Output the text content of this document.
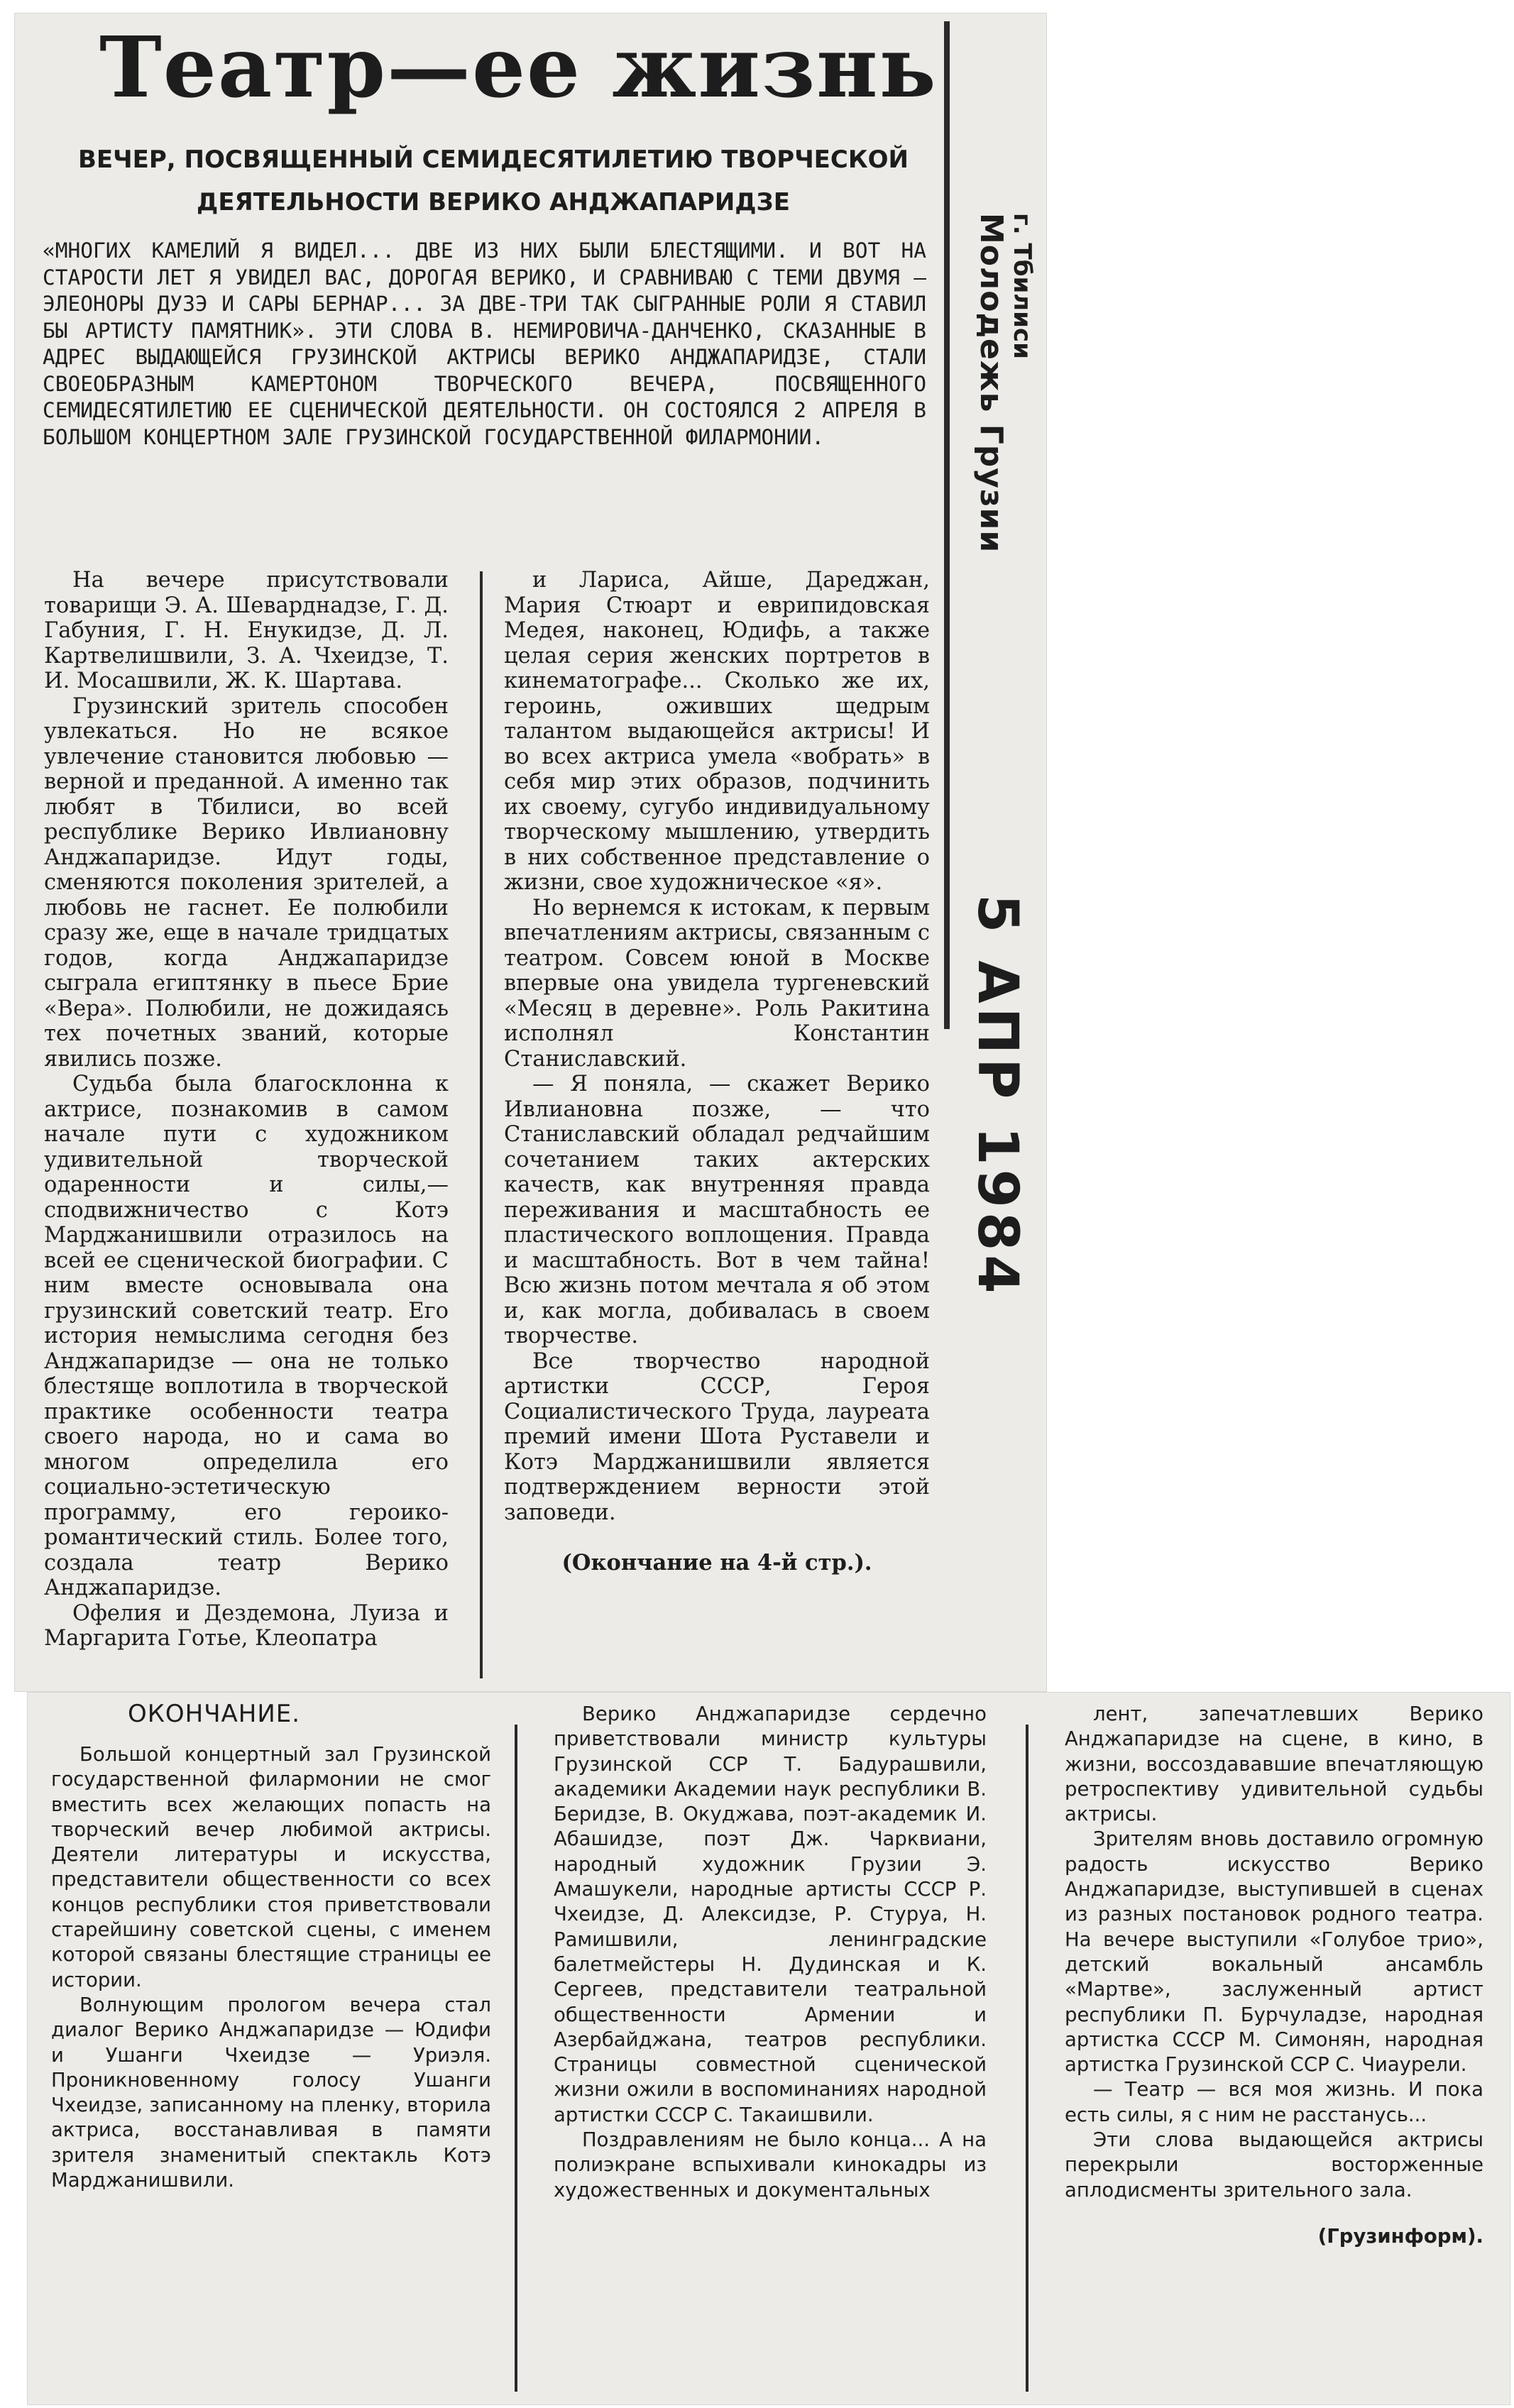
Театр—ее жизнь
ВЕЧЕР, ПОСВЯЩЕННЫЙ СЕМИДЕСЯТИЛЕТИЮ ТВОРЧЕСКОЙ ДЕЯТЕЛЬНОСТИ ВЕРИКО АНДЖАПАРИДЗЕ

«МНОГИХ КАМЕЛИЙ Я ВИДЕЛ... ДВЕ ИЗ НИХ БЫЛИ БЛЕСТЯЩИМИ. И ВОТ НА СТАРОСТИ ЛЕТ Я УВИДЕЛ ВАС, ДОРОГАЯ ВЕРИКО, И СРАВНИВАЮ С ТЕМИ ДВУМЯ — ЭЛЕОНОРЫ ДУЗЭ И САРЫ БЕРНАР... ЗА ДВЕ-ТРИ ТАК СЫГРАННЫЕ РОЛИ Я СТАВИЛ БЫ АРТИСТУ ПАМЯТНИК». ЭТИ СЛОВА В. НЕМИРОВИЧА-ДАНЧЕНКО, СКАЗАННЫЕ В АДРЕС ВЫДАЮЩЕЙСЯ ГРУЗИНСКОЙ АКТРИСЫ ВЕРИКО АНДЖАПАРИДЗЕ, СТАЛИ СВОЕОБРАЗНЫМ КАМЕРТОНОМ ТВОРЧЕСКОГО ВЕЧЕРА, ПОСВЯЩЕННОГО СЕМИДЕСЯТИЛЕТИЮ ЕЕ СЦЕНИЧЕСКОЙ ДЕЯТЕЛЬНОСТИ. ОН СОСТОЯЛСЯ 2 АПРЕЛЯ В БОЛЬШОМ КОНЦЕРТНОМ ЗАЛЕ ГРУЗИНСКОЙ ГОСУДАРСТВЕННОЙ ФИЛАРМОНИИ.

г. Тбилиси
Молодежь Грузии
5 АПР 1984

На вечере присутствовали товарищи Э. А. Шеварднадзе, Г. Д. Габуния, Г. Н. Енукидзе, Д. Л. Картвелишвили, З. А. Чхеидзе, Т. И. Мосашвили, Ж. К. Шартава.

Грузинский зритель способен увлекаться. Но не всякое увлечение становится любовью — верной и преданной. А именно так любят в Тбилиси, во всей республике Верико Ивлиановну Анджапаридзе. Идут годы, сменяются поколения зрителей, а любовь не гаснет. Ее полюбили сразу же, еще в начале тридцатых годов, когда Анджапаридзе сыграла египтянку в пьесе Брие «Вера». Полюбили, не дожидаясь тех почетных званий, которые явились позже.

Судьба была благосклонна к актрисе, познакомив в самом начале пути с художником удивительной творческой одаренности и силы,—сподвижничество с Котэ Марджанишвили отразилось на всей ее сценической биографии. С ним вместе основывала она грузинский советский театр. Его история немыслима сегодня без Анджапаридзе — она не только блестяще воплотила в творческой практике особенности театра своего народа, но и сама во многом определила его социально-эстетическую программу, его героико-романтический стиль. Более того, создала театр Верико Анджапаридзе.

Офелия и Дездемона, Луиза и Маргарита Готье, Клеопатра

и Лариса, Айше, Дареджан, Мария Стюарт и еврипидовская Медея, наконец, Юдифь, а также целая серия женских портретов в кинематографе... Сколько же их, героинь, оживших щедрым талантом выдающейся актрисы! И во всех актриса умела «вобрать» в себя мир этих образов, подчинить их своему, сугубо индивидуальному творческому мышлению, утвердить в них собственное представление о жизни, свое художническое «я».

Но вернемся к истокам, к первым впечатлениям актрисы, связанным с театром. Совсем юной в Москве впервые она увидела тургеневский «Месяц в деревне». Роль Ракитина исполнял Константин Станиславский.

— Я поняла, — скажет Верико Ивлиановна позже, — что Станиславский обладал редчайшим сочетанием таких актерских качеств, как внутренняя правда переживания и масштабность ее пластического воплощения. Правда и масштабность. Вот в чем тайна! Всю жизнь потом мечтала я об этом и, как могла, добивалась в своем творчестве.

Все творчество народной артистки СССР, Героя Социалистического Труда, лауреата премий имени Шота Руставели и Котэ Марджанишвили является подтверждением верности этой заповеди.

(Окончание на 4-й стр.).

ОКОНЧАНИЕ.

Большой концертный зал Грузинской государственной филармонии не смог вместить всех желающих попасть на творческий вечер любимой актрисы. Деятели литературы и искусства, представители общественности со всех концов республики стоя приветствовали старейшину советской сцены, с именем которой связаны блестящие страницы ее истории.

Волнующим прологом вечера стал диалог Верико Анджапаридзе — Юдифи и Ушанги Чхеидзе — Уриэля. Проникновенному голосу Ушанги Чхеидзе, записанному на пленку, вторила актриса, восстанавливая в памяти зрителя знаменитый спектакль Котэ Марджанишвили.

Верико Анджапаридзе сердечно приветствовали министр культуры Грузинской ССР Т. Бадурашвили, академики Академии наук республики В. Беридзе, В. Окуджава, поэт-академик И. Абашидзе, поэт Дж. Чарквиани, народный художник Грузии Э. Амашукели, народные артисты СССР Р. Чхеидзе, Д. Алексидзе, Р. Стуруа, Н. Рамишвили, ленинградские балетмейстеры Н. Дудинская и К. Сергеев, представители театральной общественности Армении и Азербайджана, театров республики. Страницы совместной сценической жизни ожили в воспоминаниях народной артистки СССР С. Такаишвили.

Поздравлениям не было конца... А на полиэкране вспыхивали кинокадры из художественных и документальных

лент, запечатлевших Верико Анджапаридзе на сцене, в кино, в жизни, воссоздававшие впечатляющую ретроспективу удивительной судьбы актрисы.

Зрителям вновь доставило огромную радость искусство Верико Анджапаридзе, выступившей в сценах из разных постановок родного театра. На вечере выступили «Голубое трио», детский вокальный ансамбль «Мартве», заслуженный артист республики П. Бурчуладзе, народная артистка СССР М. Симонян, народная артистка Грузинской ССР С. Чиаурели.

— Театр — вся моя жизнь. И пока есть силы, я с ним не расстанусь...

Эти слова выдающейся актрисы перекрыли восторженные аплодисменты зрительного зала.

(Грузинформ).
